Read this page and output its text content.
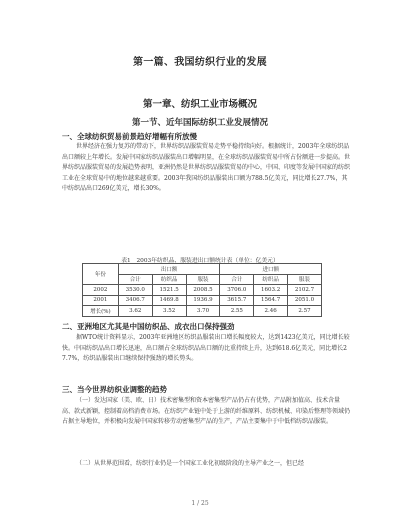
第一篇、我国纺织行业的发展
第一章、纺织工业市场概况
第一节、近年国际纺织工业发展情况
一、全球纺织贸易前景趋好增幅有所放慢
世界经济在强力复苏的带动下，世界纺织品服装贸易走势平稳持续向好。根据统计，2003年全球纺织品出口额较上年增长。发展中国家纺织品服装出口增幅明显，在全球纺织品服装贸易中所占份额进一步提高。世界纺织品服装贸易的发展趋势表明，亚洲仍然是世界纺织品服装贸易的中心，中国、印度等发展中国家的纺织工业在全球贸易中的地位越来越重要。2003年我国纺织品服装出口额为788.5亿美元，同比增长27.7%，其中纺织品出口269亿美元，增长30%。
表1　2003年纺织品、服装进出口额统计表（单位：亿美元）
年份	出口额			进口额		
	合计	纺织品	服装	合计	纺织品	服装
2002	3530.0	1521.5	2008.5	3706.0	1603.2	2102.7
2001	3406.7	1469.8	1936.9	3615.7	1564.7	2051.0
增长(%)	3.62	3.52	3.70	2.55	2.46	2.57
二、亚洲地区尤其是中国纺织品、成衣出口保持强劲
据WTO统计资料显示，2003年亚洲地区纺织品服装出口增长幅度较大，达到1423亿美元，同比增长较快。中国纺织品出口增长迅速，出口额占全球纺织品出口额的比重持续上升，达到618.6亿美元，同比增长27.7%，纺织品服装出口继续保持强劲的增长势头。
三、当今世界纺织业调整的趋势
（一）发达国家（美、欧、日）技术密集型和资本密集型产品仍占有优势，产品附加值高、技术含量高、款式新颖，控制着高档消费市场。在纺织产业链中处于上游的纤维原料、纺织机械、印染后整理等领域仍占据主导地位，并积极向发展中国家转移劳动密集型产品的生产，产品主要集中于中低档纺织品服装。
（二）从世界范围看，纺织行业仍是一个国家工业化初级阶段的主导产业之一，但已经
1 / 25
